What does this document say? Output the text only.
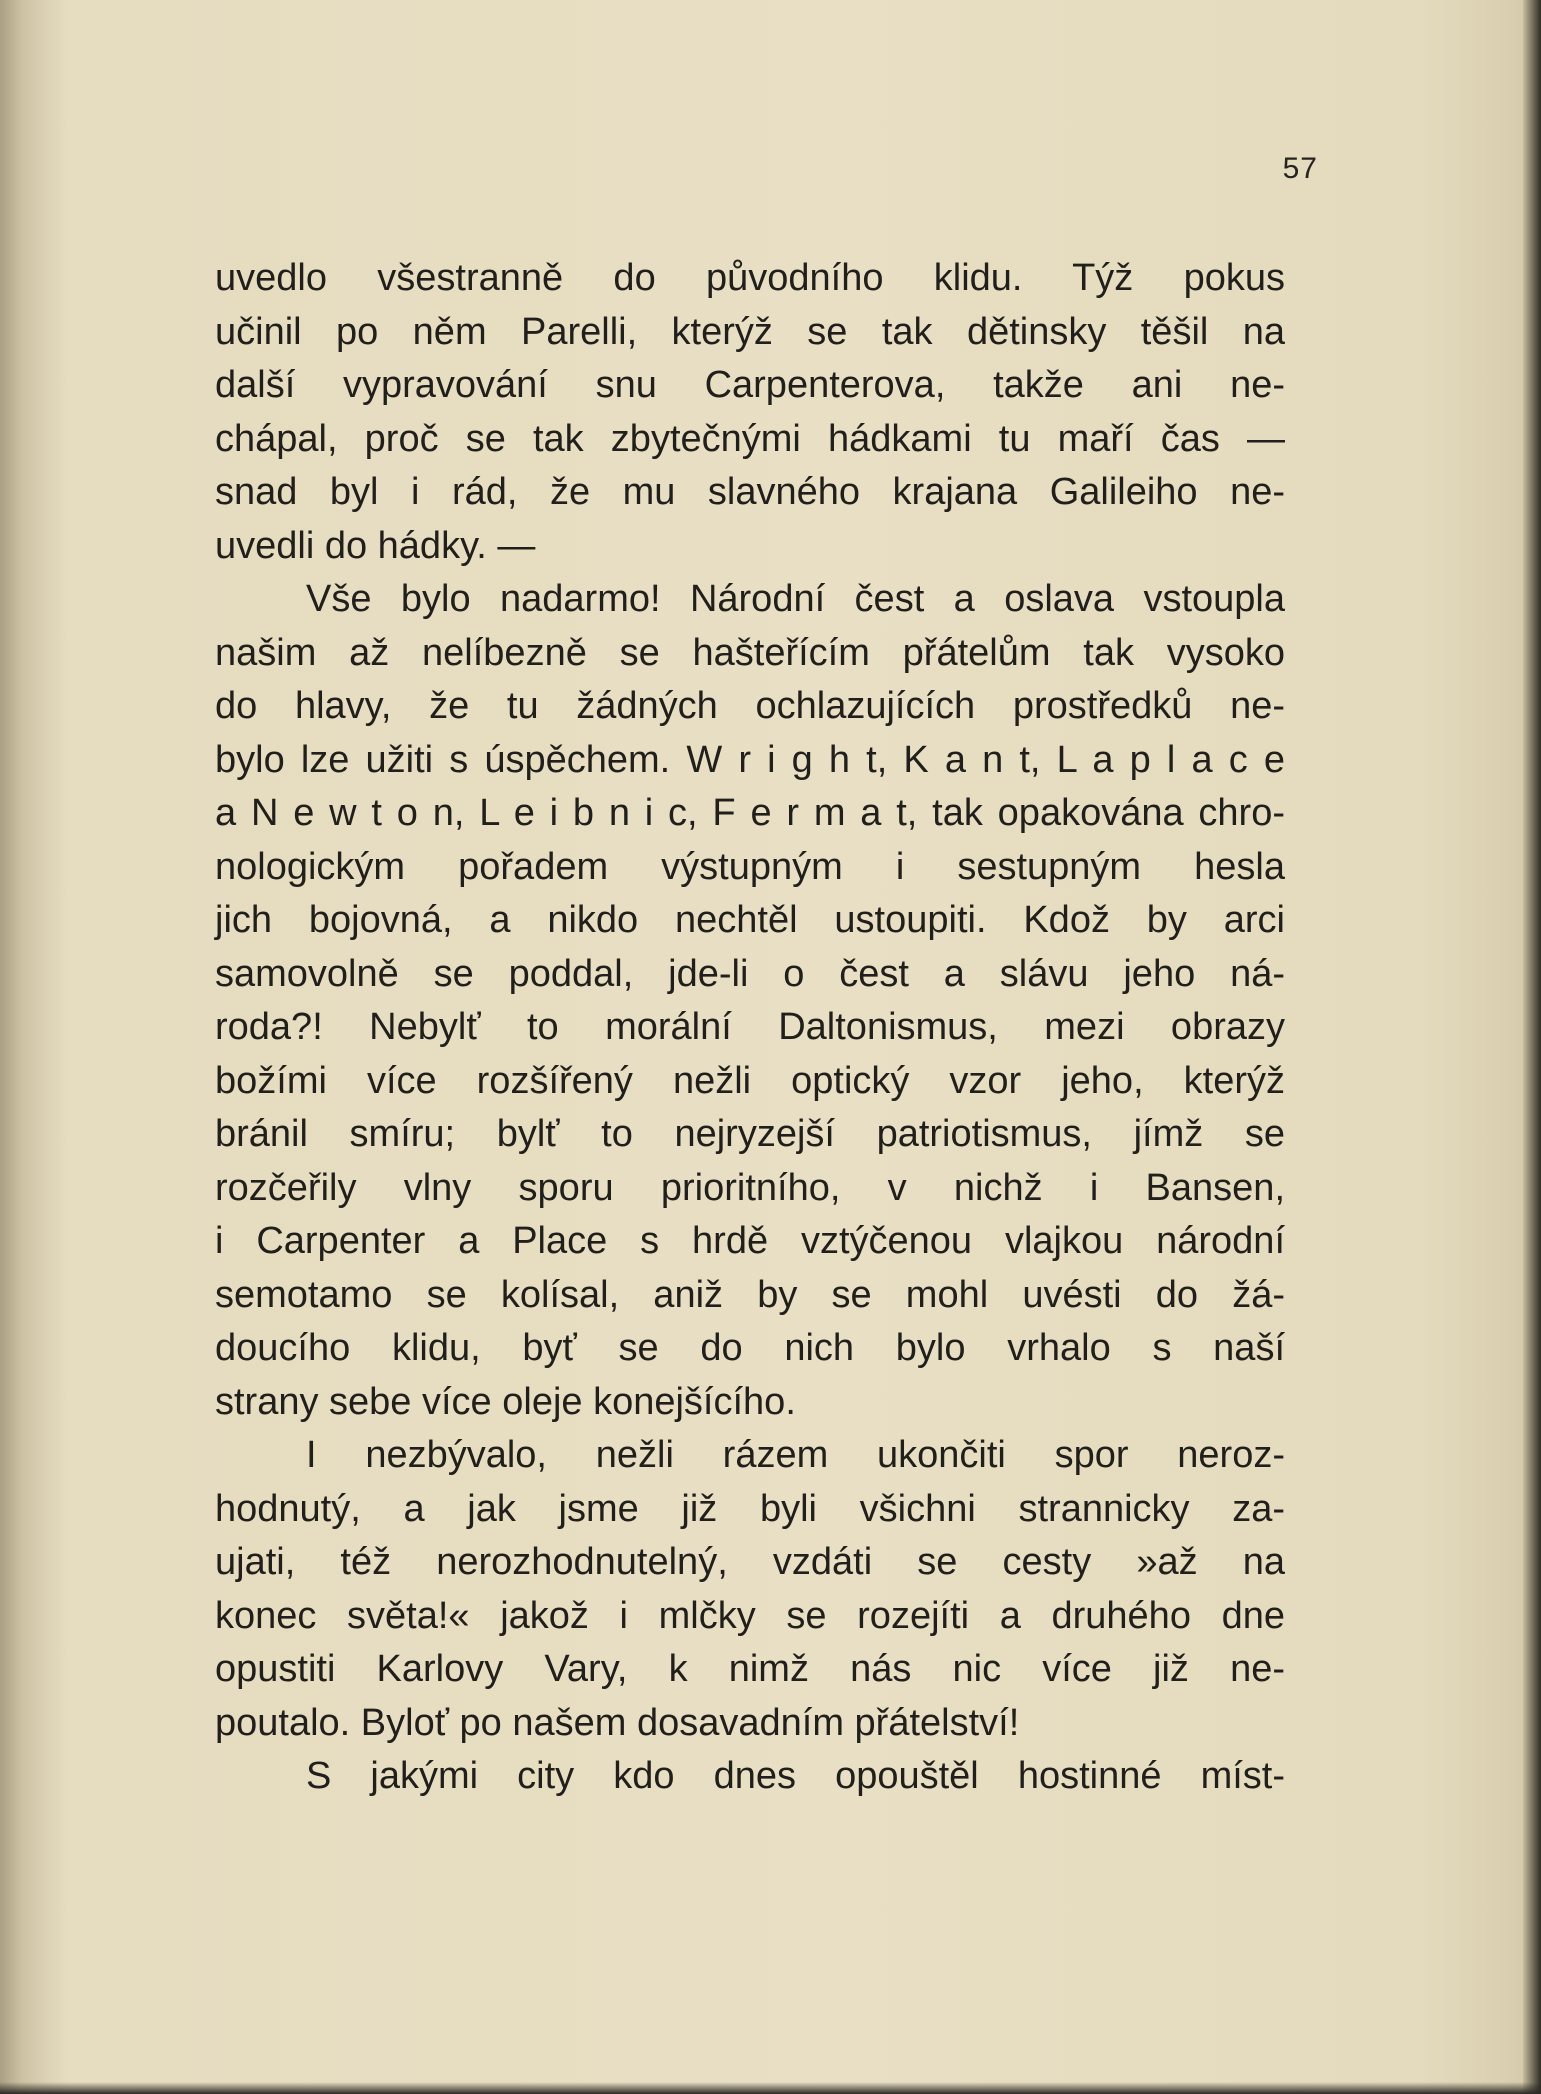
57
uvedlo všestranně do původního klidu. Týž pokus
učinil po něm Parelli, kterýž se tak dětinsky těšil na
další vypravování snu Carpenterova, takže ani ne-
chápal, proč se tak zbytečnými hádkami tu maří čas —
snad byl i rád, že mu slavného krajana Galileiho ne-
uvedli do hádky. —
Vše bylo nadarmo! Národní čest a oslava vstoupla
našim až nelíbezně se hašteřícím přátelům tak vysoko
do hlavy, že tu žádných ochlazujících prostředků ne-
bylo lze užiti s úspěchem. W r i g h t, K a n t, L a p l a c e
a N e w t o n, L e i b n i c, F e r m a t, tak opakována chro-
nologickým pořadem výstupným i sestupným hesla
jich bojovná, a nikdo nechtěl ustoupiti. Kdož by arci
samovolně se poddal, jde-li o čest a slávu jeho ná-
roda?! Nebylť to morální Daltonismus, mezi obrazy
božími více rozšířený nežli optický vzor jeho, kterýž
bránil smíru; bylť to nejryzejší patriotismus, jímž se
rozčeřily vlny sporu prioritního, v nichž i Bansen,
i Carpenter a Place s hrdě vztýčenou vlajkou národní
semotamo se kolísal, aniž by se mohl uvésti do žá-
doucího klidu, byť se do nich bylo vrhalo s naší
strany sebe více oleje konejšícího.
I nezbývalo, nežli rázem ukončiti spor neroz-
hodnutý, a jak jsme již byli všichni strannicky za-
ujati, též nerozhodnutelný, vzdáti se cesty »až na
konec světa!« jakož i mlčky se rozejíti a druhého dne
opustiti Karlovy Vary, k nimž nás nic více již ne-
poutalo. Byloť po našem dosavadním přátelství!
S jakými city kdo dnes opouštěl hostinné míst-
